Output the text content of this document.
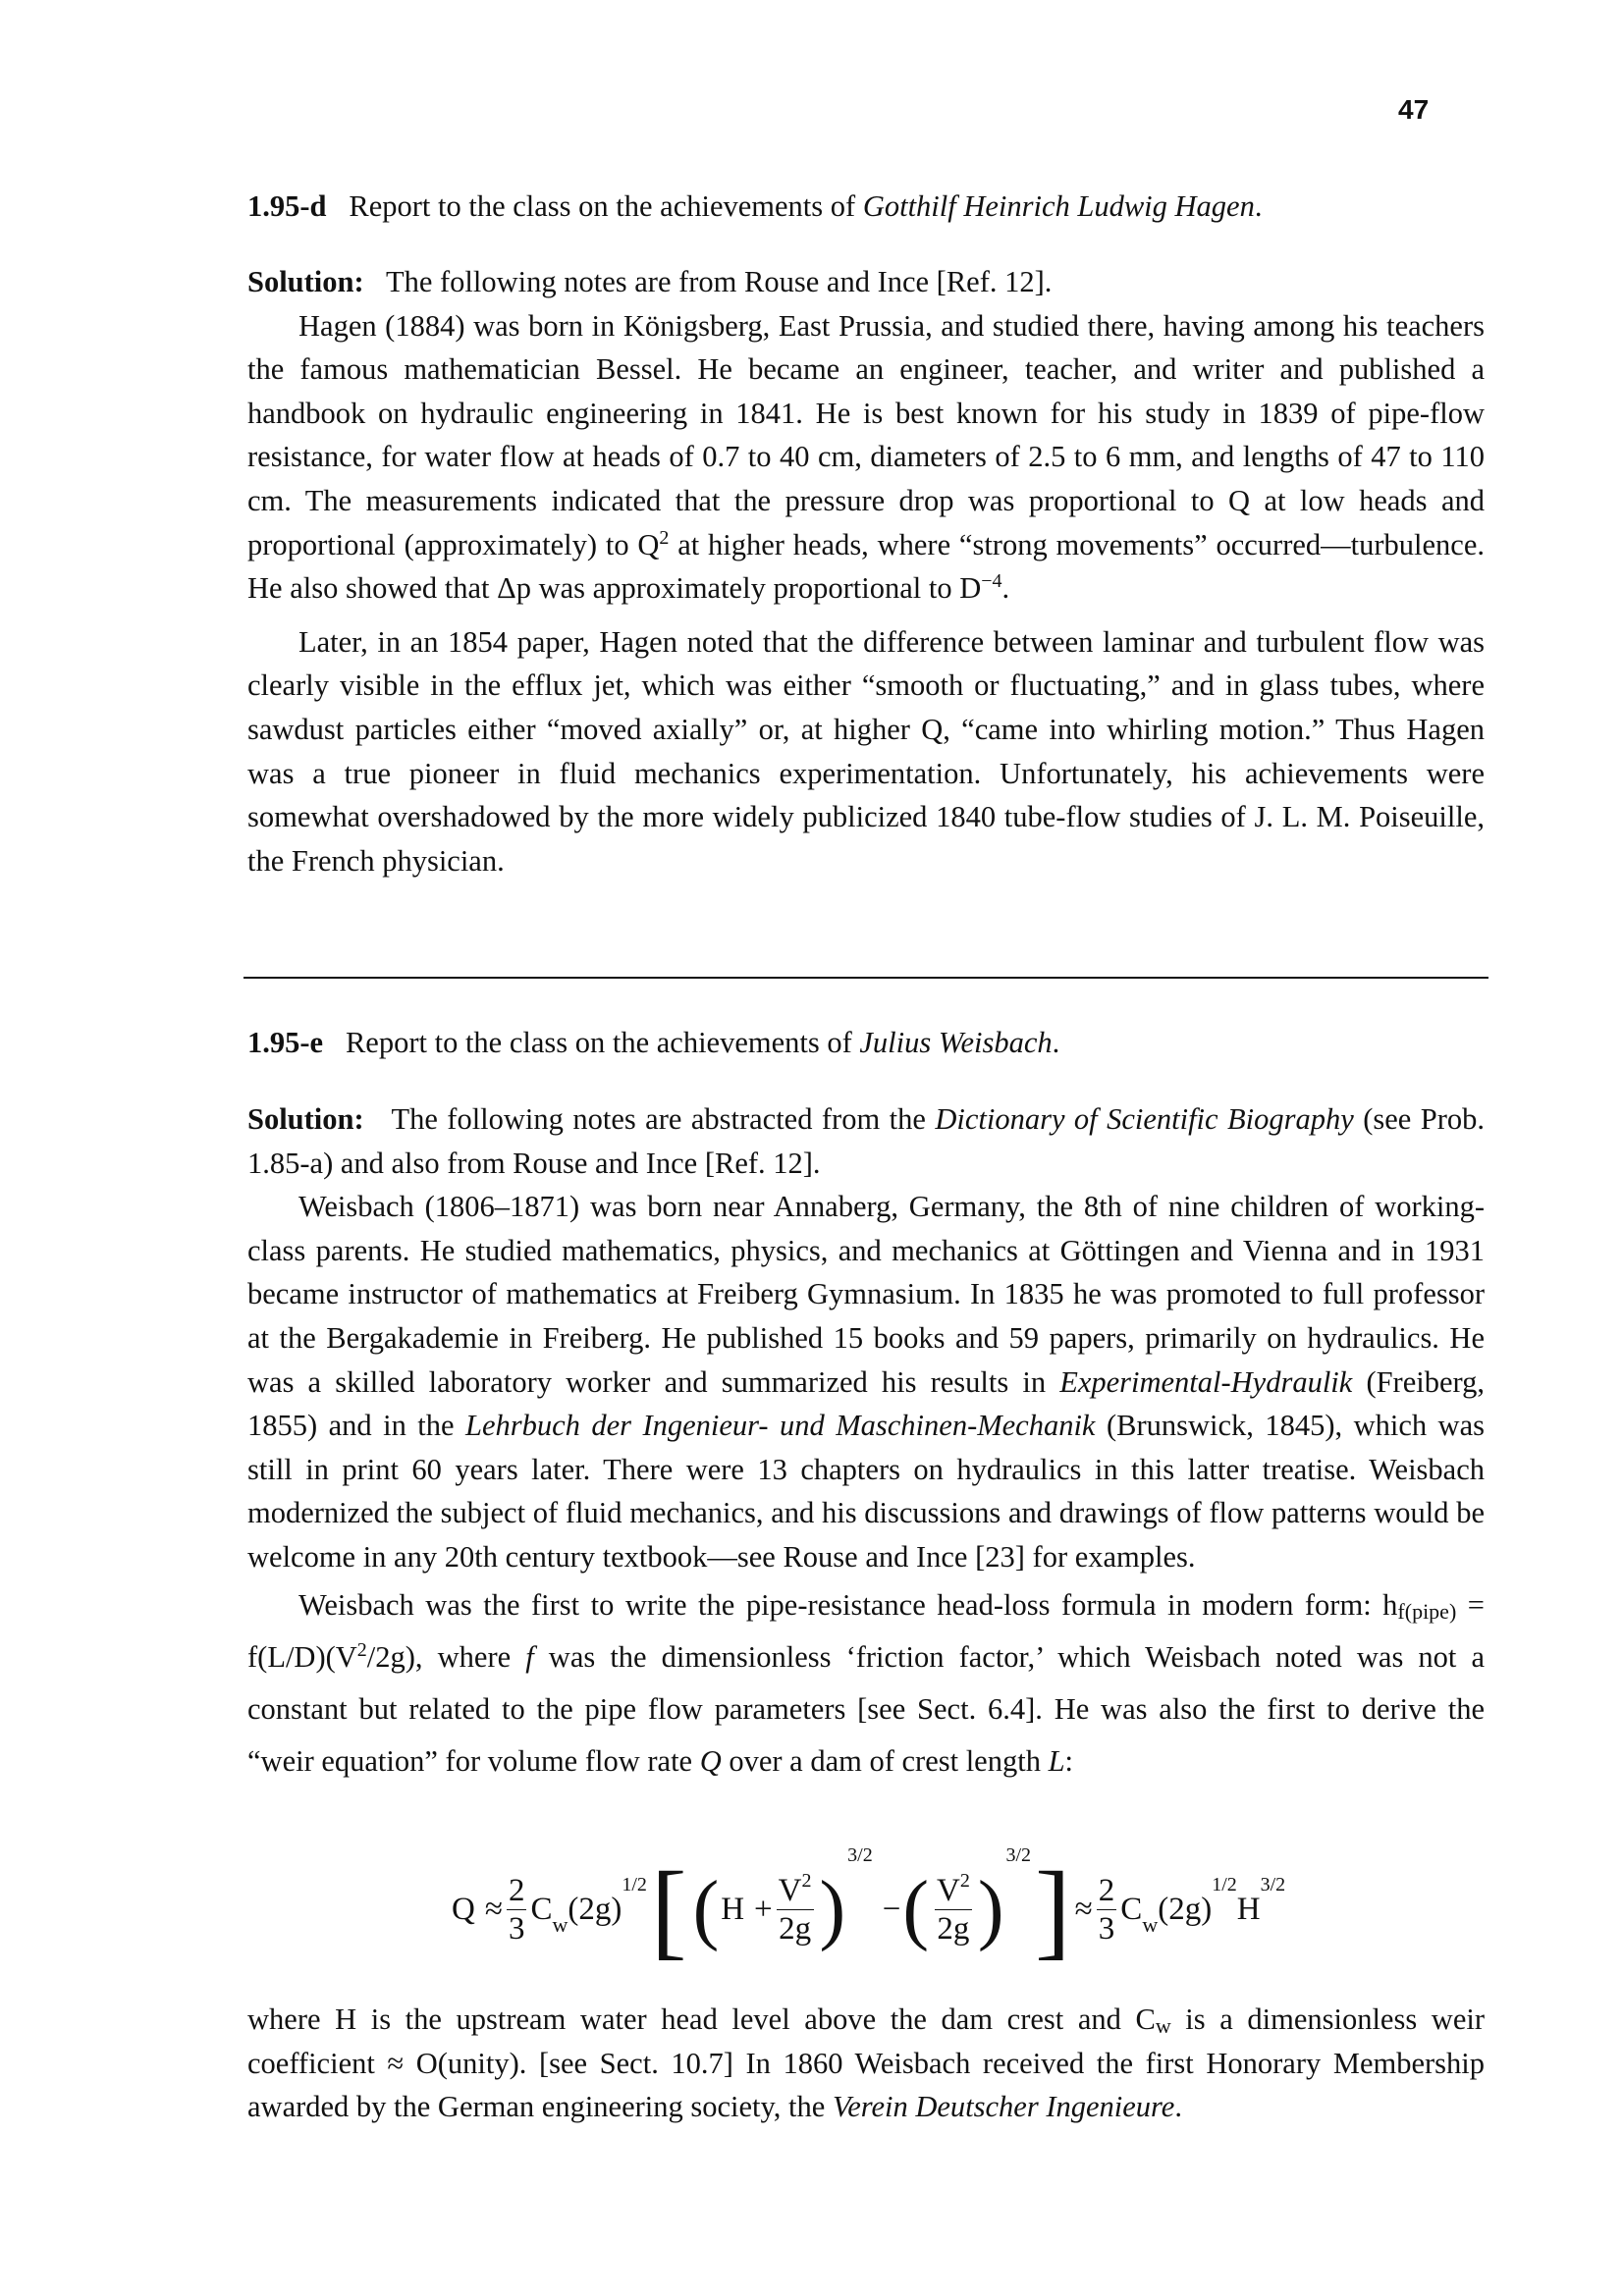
47
1.95-d Report to the class on the achievements of Gotthilf Heinrich Ludwig Hagen.

Solution: The following notes are from Rouse and Ince [Ref. 12].

Hagen (1884) was born in Königsberg, East Prussia, and studied there, having among his teachers the famous mathematician Bessel. He became an engineer, teacher, and writer and published a handbook on hydraulic engineering in 1841. He is best known for his study in 1839 of pipe-flow resistance, for water flow at heads of 0.7 to 40 cm, diameters of 2.5 to 6 mm, and lengths of 47 to 110 cm. The measurements indicated that the pressure drop was proportional to Q at low heads and proportional (approximately) to $Q^2$ at higher heads, where “strong movements” occurred—turbulence. He also showed that Δp was approximately proportional to $D^{-4}$.

Later, in an 1854 paper, Hagen noted that the difference between laminar and turbulent flow was clearly visible in the efflux jet, which was either “smooth or fluctuating,” and in glass tubes, where sawdust particles either “moved axially” or, at higher Q, “came into whirling motion.” Thus Hagen was a true pioneer in fluid mechanics experimentation. Unfortunately, his achievements were somewhat overshadowed by the more widely publicized 1840 tube-flow studies of J. L. M. Poiseuille, the French physician.

1.95-e Report to the class on the achievements of Julius Weisbach.

Solution: The following notes are abstracted from the Dictionary of Scientific Biography (see Prob. 1.85-a) and also from Rouse and Ince [Ref. 12].

Weisbach (1806–1871) was born near Annaberg, Germany, the 8th of nine children of working-class parents. He studied mathematics, physics, and mechanics at Göttingen and Vienna and in 1931 became instructor of mathematics at Freiberg Gymnasium. In 1835 he was promoted to full professor at the Bergakademie in Freiberg. He published 15 books and 59 papers, primarily on hydraulics. He was a skilled laboratory worker and summarized his results in Experimental-Hydraulik (Freiberg, 1855) and in the Lehrbuch der Ingenieur- und Maschinen-Mechanik (Brunswick, 1845), which was still in print 60 years later. There were 13 chapters on hydraulics in this latter treatise. Weisbach modernized the subject of fluid mechanics, and his discussions and drawings of flow patterns would be welcome in any 20th century textbook—see Rouse and Ince [23] for examples.

Weisbach was the first to write the pipe-resistance head-loss formula in modern form: $h_{f(pipe)} = f(L/D)(V^2/2g)$, where f was the dimensionless ‘friction factor,’ which Weisbach noted was not a constant but related to the pipe flow parameters [see Sect. 6.4]. He was also the first to derive the “weir equation” for volume flow rate Q over a dam of crest length L:

$Q \approx \frac{2}{3}$ C w (2g)
1/2 [ ( $H + \frac{V^2}{2g}$ )
3/2
− ( $\frac{V^2}{2g}$ )
3/2 ] ≈ $\frac{2}{3}$ C w (2g)
1/2
H
3/2

where H is the upstream water head level above the dam crest and $C_w$ is a dimensionless weir coefficient ≈ O(unity). [see Sect. 10.7] In 1860 Weisbach received the first Honorary Membership awarded by the German engineering society, the Verein Deutscher Ingenieure.
